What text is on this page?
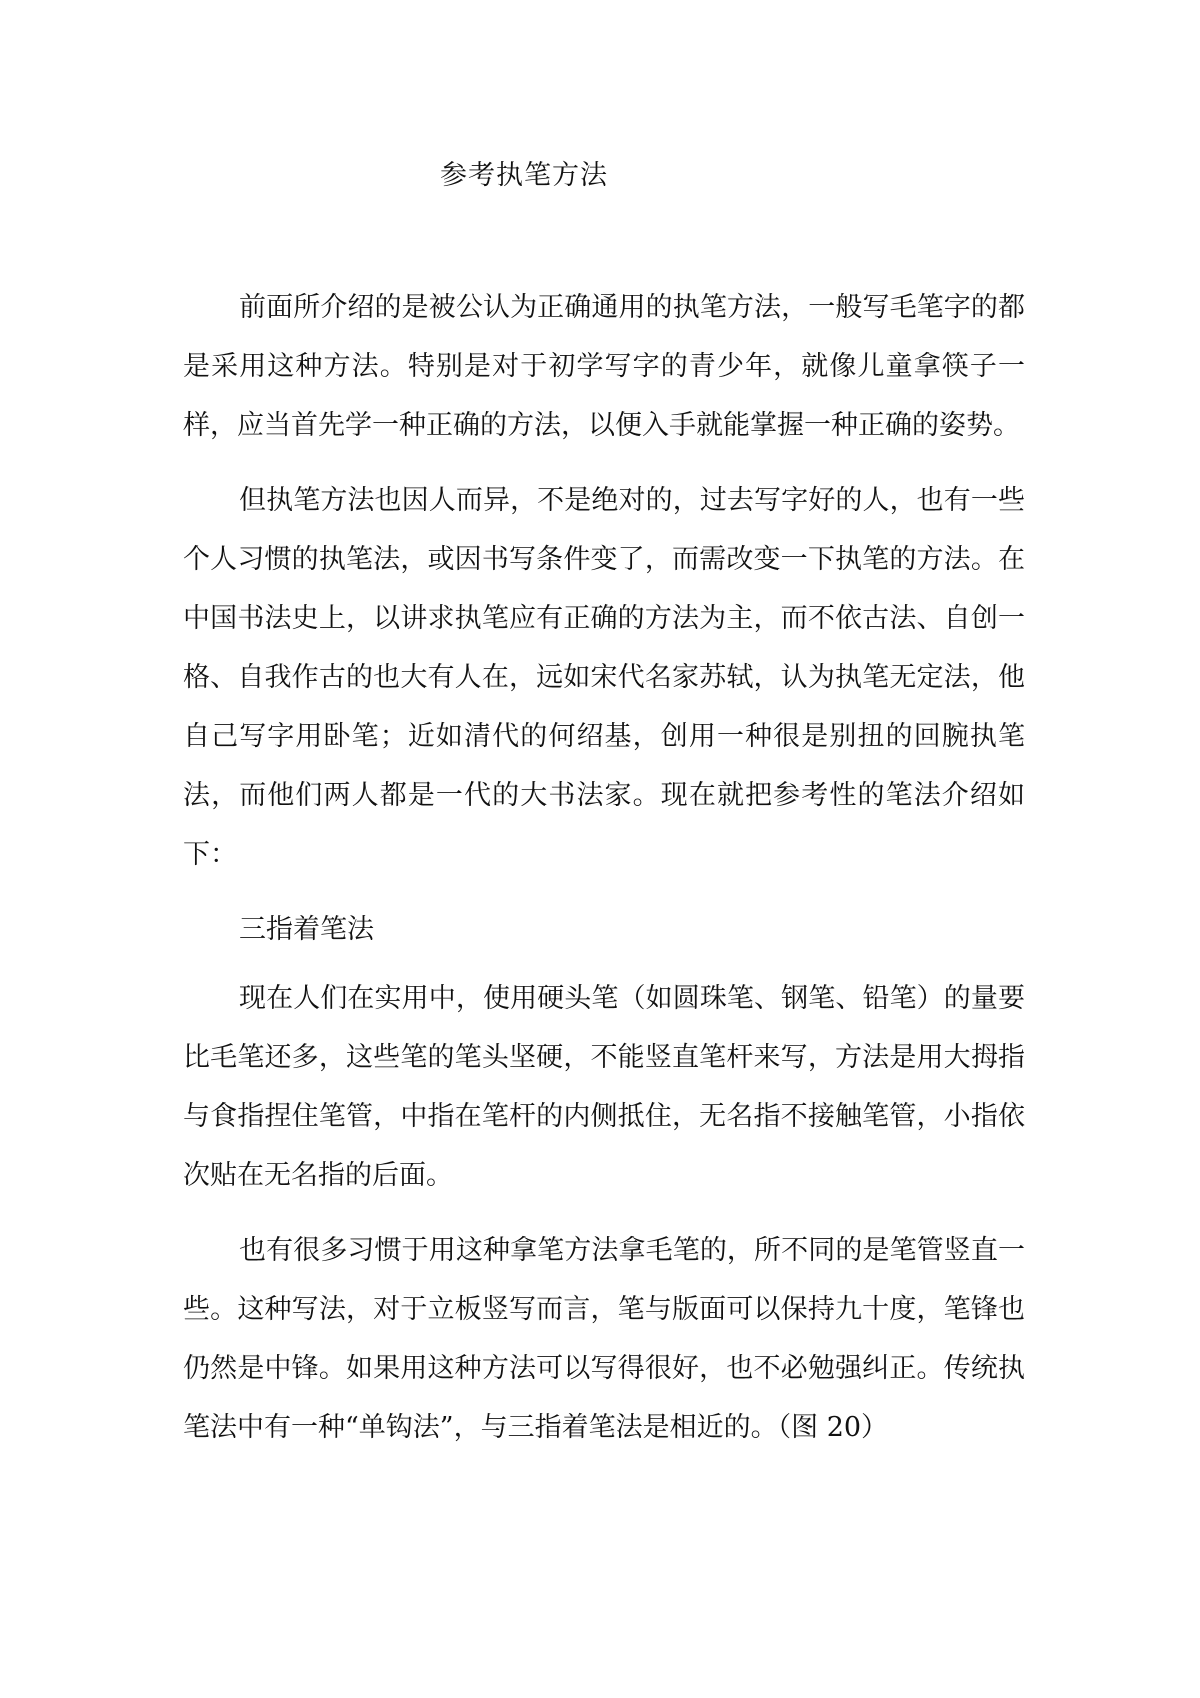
参考执笔方法

前面所介绍的是被公认为正确通用的执笔方法，一般写毛笔字的都是采用这种方法。特别是对于初学写字的青少年，就像儿童拿筷子一样，应当首先学一种正确的方法，以便入手就能掌握一种正确的姿势。

但执笔方法也因人而异，不是绝对的，过去写字好的人，也有一些个人习惯的执笔法，或因书写条件变了，而需改变一下执笔的方法。在中国书法史上，以讲求执笔应有正确的方法为主，而不依古法、自创一格、自我作古的也大有人在，远如宋代名家苏轼，认为执笔无定法，他自己写字用卧笔；近如清代的何绍基，创用一种很是别扭的回腕执笔法，而他们两人都是一代的大书法家。现在就把参考性的笔法介绍如下：

三指着笔法

现在人们在实用中，使用硬头笔（如圆珠笔、钢笔、铅笔）的量要比毛笔还多，这些笔的笔头坚硬，不能竖直笔杆来写，方法是用大拇指与食指捏住笔管，中指在笔杆的内侧抵住，无名指不接触笔管，小指依次贴在无名指的后面。

也有很多习惯于用这种拿笔方法拿毛笔的，所不同的是笔管竖直一些。这种写法，对于立板竖写而言，笔与版面可以保持九十度，笔锋也仍然是中锋。如果用这种方法可以写得很好，也不必勉强纠正。传统执笔法中有一种“单钩法”，与三指着笔法是相近的。（图 20）
